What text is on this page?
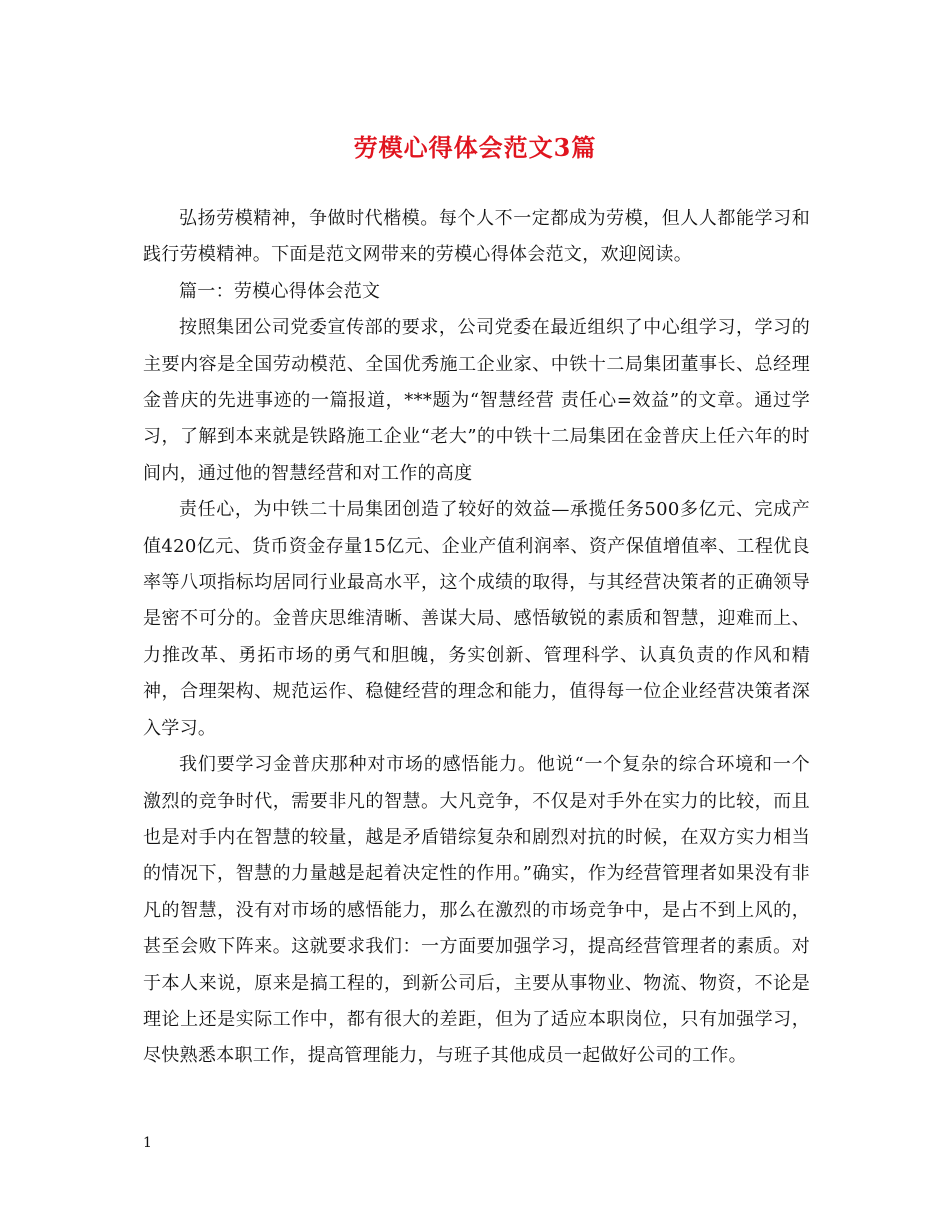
劳模心得体会范文3篇

弘扬劳模精神，争做时代楷模。每个人不一定都成为劳模，但人人都能学习和践行劳模精神。下面是范文网带来的劳模心得体会范文，欢迎阅读。

篇一：劳模心得体会范文

按照集团公司党委宣传部的要求，公司党委在最近组织了中心组学习，学习的主要内容是全国劳动模范、全国优秀施工企业家、中铁十二局集团董事长、总经理金普庆的先进事迹的一篇报道，***题为“智慧经营 责任心=效益”的文章。通过学习，了解到本来就是铁路施工企业“老大”的中铁十二局集团在金普庆上任六年的时间内，通过他的智慧经营和对工作的高度

责任心，为中铁二十局集团创造了较好的效益—承揽任务500多亿元、完成产值420亿元、货币资金存量15亿元、企业产值利润率、资产保值增值率、工程优良率等八项指标均居同行业最高水平，这个成绩的取得，与其经营决策者的正确领导是密不可分的。金普庆思维清晰、善谋大局、感悟敏锐的素质和智慧，迎难而上、力推改革、勇拓市场的勇气和胆魄，务实创新、管理科学、认真负责的作风和精神，合理架构、规范运作、稳健经营的理念和能力，值得每一位企业经营决策者深入学习。

我们要学习金普庆那种对市场的感悟能力。他说“一个复杂的综合环境和一个激烈的竞争时代，需要非凡的智慧。大凡竞争，不仅是对手外在实力的比较，而且也是对手内在智慧的较量，越是矛盾错综复杂和剧烈对抗的时候，在双方实力相当的情况下，智慧的力量越是起着决定性的作用。”确实，作为经营管理者如果没有非凡的智慧，没有对市场的感悟能力，那么在激烈的市场竞争中，是占不到上风的，甚至会败下阵来。这就要求我们：一方面要加强学习，提高经营管理者的素质。对于本人来说，原来是搞工程的，到新公司后，主要从事物业、物流、物资，不论是理论上还是实际工作中，都有很大的差距，但为了适应本职岗位，只有加强学习，尽快熟悉本职工作，提高管理能力，与班子其他成员一起做好公司的工作。

1
